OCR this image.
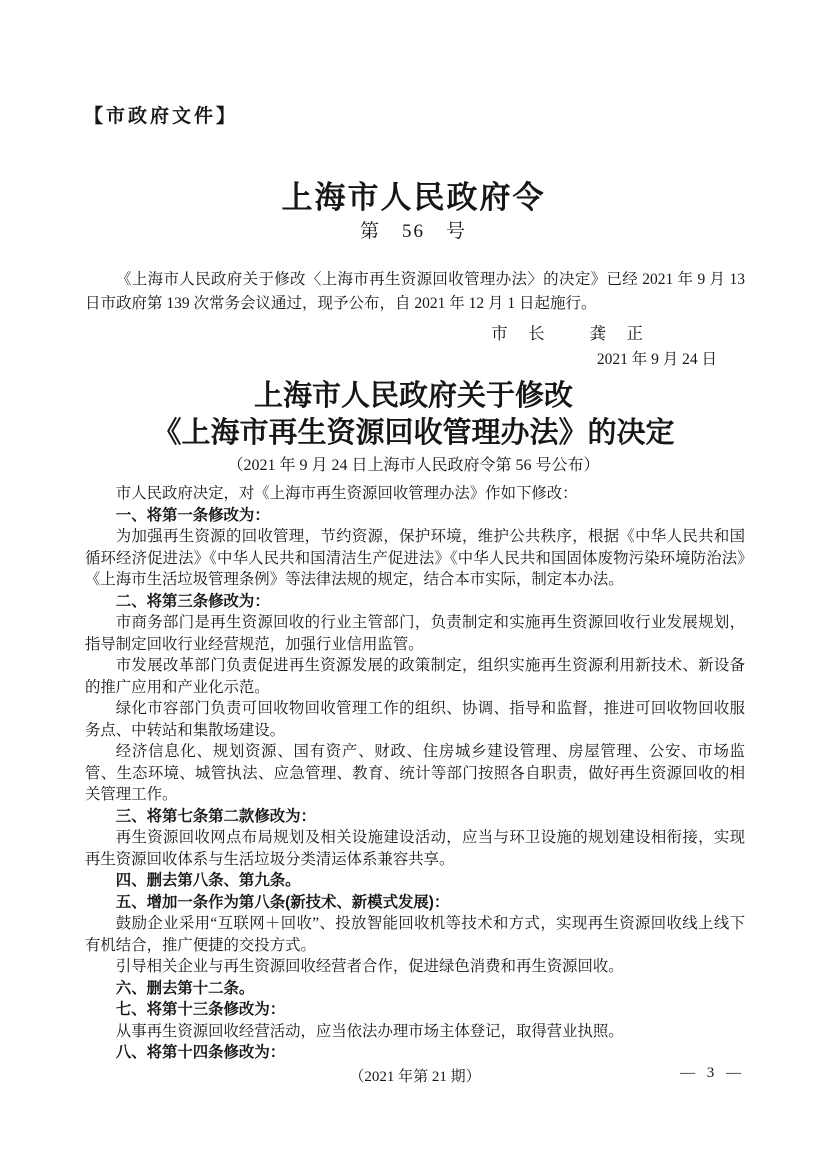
【市政府文件】
上海市人民政府令
第　56　号

《上海市人民政府关于修改〈上海市再生资源回收管理办法〉的决定》已经 2021 年 9 月 13 日市政府第 139 次常务会议通过，现予公布，自 2021 年 12 月 1 日起施行。

市　长	龚　正
2021 年 9 月 24 日
上海市人民政府关于修改
《上海市再生资源回收管理办法》的决定
（2021 年 9 月 24 日上海市人民政府令第 56 号公布）

市人民政府决定，对《上海市再生资源回收管理办法》作如下修改：

一、将第一条修改为：

为加强再生资源的回收管理，节约资源，保护环境，维护公共秩序，根据《中华人民共和国循环经济促进法》《中华人民共和国清洁生产促进法》《中华人民共和国固体废物污染环境防治法》《上海市生活垃圾管理条例》等法律法规的规定，结合本市实际，制定本办法。

二、将第三条修改为：

市商务部门是再生资源回收的行业主管部门，负责制定和实施再生资源回收行业发展规划，指导制定回收行业经营规范，加强行业信用监管。

市发展改革部门负责促进再生资源发展的政策制定，组织实施再生资源利用新技术、新设备的推广应用和产业化示范。

绿化市容部门负责可回收物回收管理工作的组织、协调、指导和监督，推进可回收物回收服务点、中转站和集散场建设。

经济信息化、规划资源、国有资产、财政、住房城乡建设管理、房屋管理、公安、市场监管、生态环境、城管执法、应急管理、教育、统计等部门按照各自职责，做好再生资源回收的相关管理工作。

三、将第七条第二款修改为：

再生资源回收网点布局规划及相关设施建设活动，应当与环卫设施的规划建设相衔接，实现再生资源回收体系与生活垃圾分类清运体系兼容共享。

四、删去第八条、第九条。

五、增加一条作为第八条(新技术、新模式发展)：

鼓励企业采用“互联网＋回收”、投放智能回收机等技术和方式，实现再生资源回收线上线下有机结合，推广便捷的交投方式。

引导相关企业与再生资源回收经营者合作，促进绿色消费和再生资源回收。

六、删去第十二条。

七、将第十三条修改为：

从事再生资源回收经营活动，应当依法办理市场主体登记，取得营业执照。

八、将第十四条修改为：

（2021 年第 21 期）	— 3 —
